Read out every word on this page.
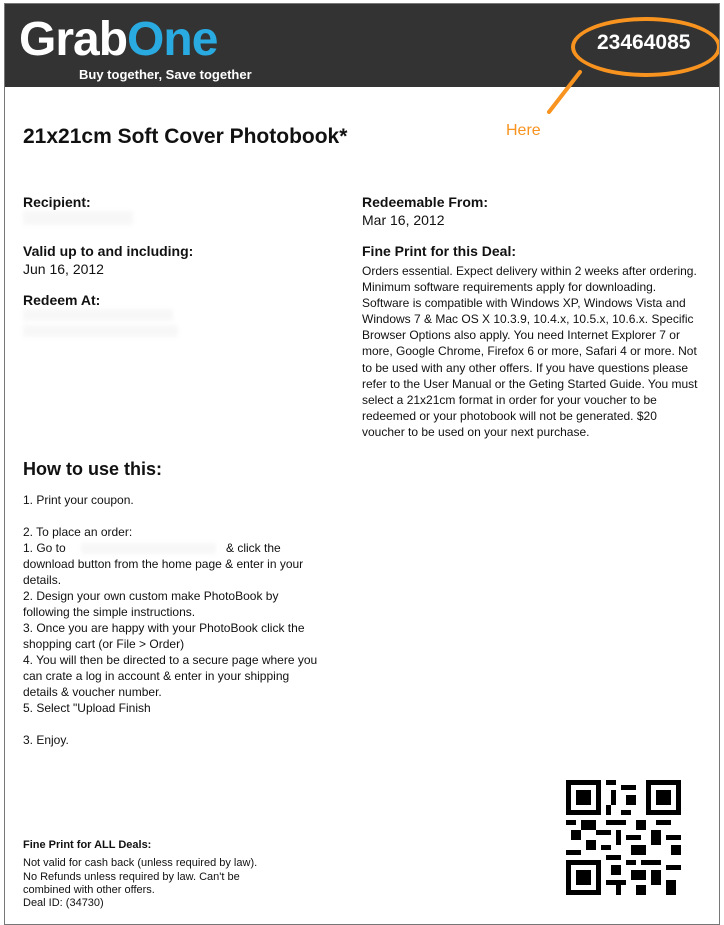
GrabOne
Buy together, Save together
23464085
Here
21x21cm Soft Cover Photobook*
Recipient:
Valid up to and including:
Jun 16, 2012
Redeem At:
Redeemable From:
Mar 16, 2012
Fine Print for this Deal:
Orders essential. Expect delivery within 2 weeks after ordering.
Minimum software requirements apply for downloading.
Software is compatible with Windows XP, Windows Vista and
Windows 7 & Mac OS X 10.3.9, 10.4.x, 10.5.x, 10.6.x. Specific
Browser Options also apply. You need Internet Explorer 7 or
more, Google Chrome, Firefox 6 or more, Safari 4 or more. Not
to be used with any other offers. If you have questions please
refer to the User Manual or the Geting Started Guide. You must
select a 21x21cm format in order for your voucher to be
redeemed or your photobook will not be generated. $20
voucher to be used on your next purchase.
How to use this:
1. Print your coupon.
2. To place an order:
1. Go to	& click the
download button from the home page & enter in your
details.
2. Design your own custom make PhotoBook by
following the simple instructions.
3. Once you are happy with your PhotoBook click the
shopping cart (or File > Order)
4. You will then be directed to a secure page where you
can crate a log in account & enter in your shipping
details & voucher number.
5. Select "Upload Finish
3. Enjoy.
Fine Print for ALL Deals:
Not valid for cash back (unless required by law).
No Refunds unless required by law. Can't be
combined with other offers.
Deal ID: (34730)
